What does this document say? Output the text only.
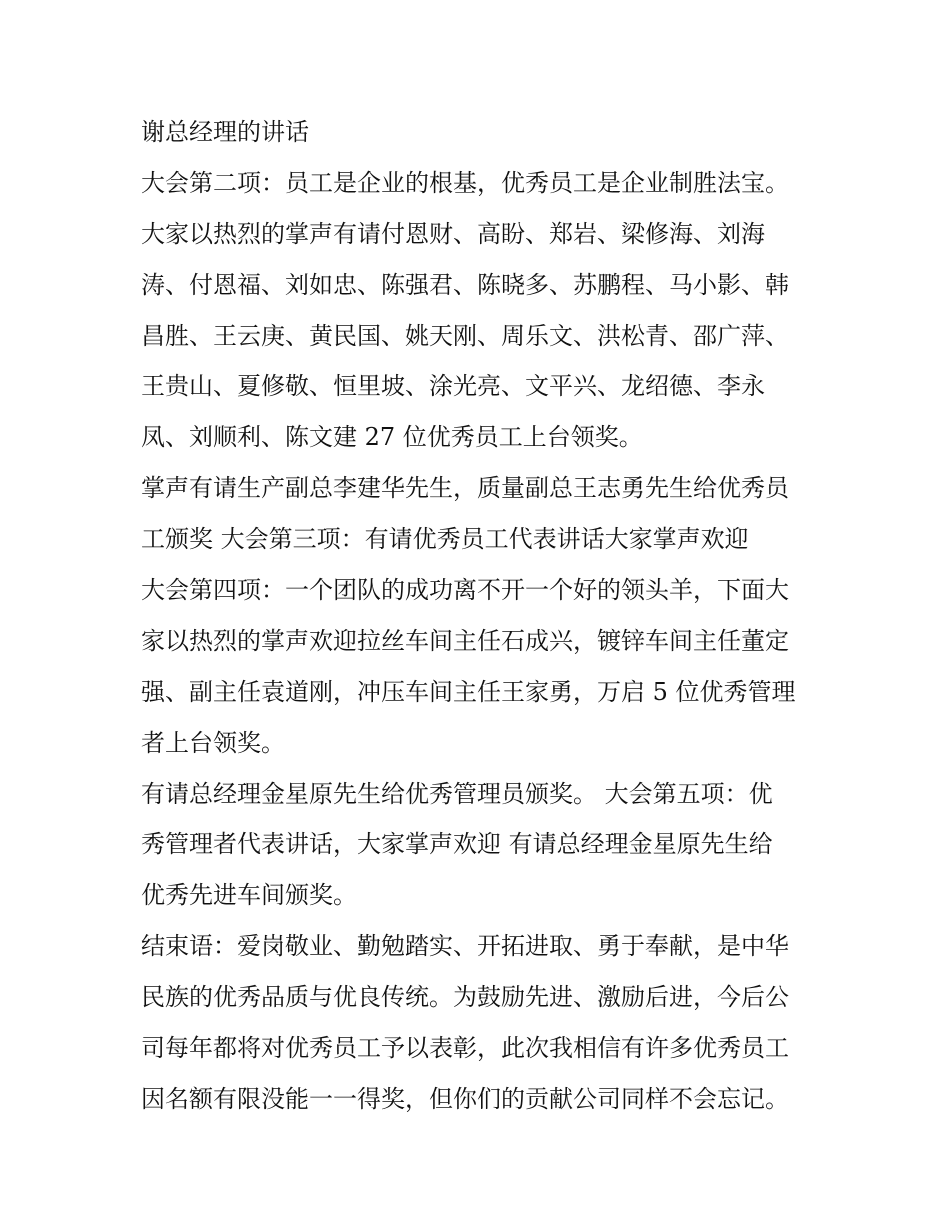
谢总经理的讲话
大会第二项：员工是企业的根基，优秀员工是企业制胜法宝。
大家以热烈的掌声有请付恩财、高盼、郑岩、梁修海、刘海
涛、付恩福、刘如忠、陈强君、陈晓多、苏鹏程、马小影、韩
昌胜、王云庚、黄民国、姚天刚、周乐文、洪松青、邵广萍、
王贵山、夏修敬、恒里坡、涂光亮、文平兴、龙绍德、李永
凤、刘顺利、陈文建 27 位优秀员工上台领奖。
掌声有请生产副总李建华先生，质量副总王志勇先生给优秀员
工颁奖 大会第三项：有请优秀员工代表讲话大家掌声欢迎
大会第四项：一个团队的成功离不开一个好的领头羊，下面大
家以热烈的掌声欢迎拉丝车间主任石成兴，镀锌车间主任董定
强、副主任袁道刚，冲压车间主任王家勇，万启 5 位优秀管理
者上台领奖。
有请总经理金星原先生给优秀管理员颁奖。 大会第五项：优
秀管理者代表讲话，大家掌声欢迎 有请总经理金星原先生给
优秀先进车间颁奖。
结束语：爱岗敬业、勤勉踏实、开拓进取、勇于奉献，是中华
民族的优秀品质与优良传统。为鼓励先进、激励后进，今后公
司每年都将对优秀员工予以表彰，此次我相信有许多优秀员工
因名额有限没能一一得奖，但你们的贡献公司同样不会忘记。
